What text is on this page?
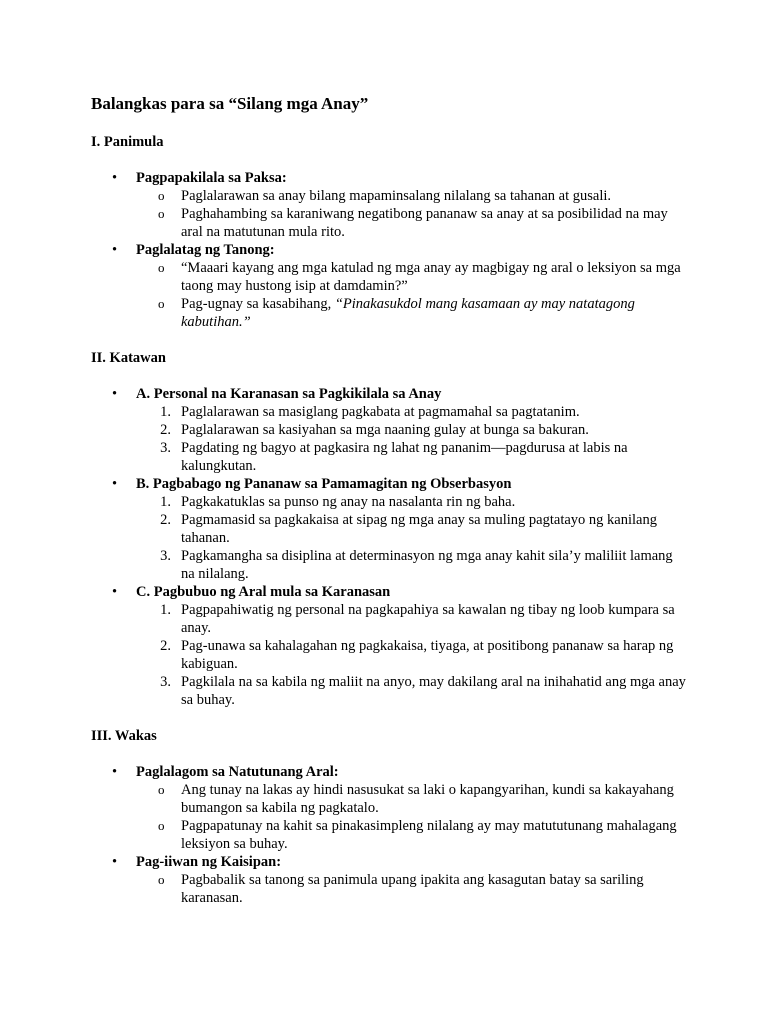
Balangkas para sa “Silang mga Anay”
I. Panimula
• Pagpapakilala sa Paksa:
o Paglalarawan sa anay bilang mapaminsalang nilalang sa tahanan at gusali.
o Paghahambing sa karaniwang negatibong pananaw sa anay at sa posibilidad na may aral na matutunan mula rito.
• Paglalatag ng Tanong:
o “Maaari kayang ang mga katulad ng mga anay ay magbigay ng aral o leksiyon sa mga taong may hustong isip at damdamin?”
o Pag-ugnay sa kasabihang, “Pinakasukdol mang kasamaan ay may natatagong kabutihan.”
II. Katawan
• A. Personal na Karanasan sa Pagkikilala sa Anay
1. Paglalarawan sa masiglang pagkabata at pagmamahal sa pagtatanim.
2. Paglalarawan sa kasiyahan sa mga naaning gulay at bunga sa bakuran.
3. Pagdating ng bagyo at pagkasira ng lahat ng pananim—pagdurusa at labis na kalungkutan.
• B. Pagbabago ng Pananaw sa Pamamagitan ng Obserbasyon
1. Pagkakatuklas sa punso ng anay na nasalanta rin ng baha.
2. Pagmamasid sa pagkakaisa at sipag ng mga anay sa muling pagtatayo ng kanilang tahanan.
3. Pagkamangha sa disiplina at determinasyon ng mga anay kahit sila’y maliliit lamang na nilalang.
• C. Pagbubuo ng Aral mula sa Karanasan
1. Pagpapahiwatig ng personal na pagkapahiya sa kawalan ng tibay ng loob kumpara sa anay.
2. Pag-unawa sa kahalagahan ng pagkakaisa, tiyaga, at positibong pananaw sa harap ng kabiguan.
3. Pagkilala na sa kabila ng maliit na anyo, may dakilang aral na inihahatid ang mga anay sa buhay.
III. Wakas
• Paglalagom sa Natutunang Aral:
o Ang tunay na lakas ay hindi nasusukat sa laki o kapangyarihan, kundi sa kakayahang bumangon sa kabila ng pagkatalo.
o Pagpapatunay na kahit sa pinakasimpleng nilalang ay may matututunang mahalagang leksiyon sa buhay.
• Pag-iiwan ng Kaisipan:
o Pagbabalik sa tanong sa panimula upang ipakita ang kasagutan batay sa sariling karanasan.
